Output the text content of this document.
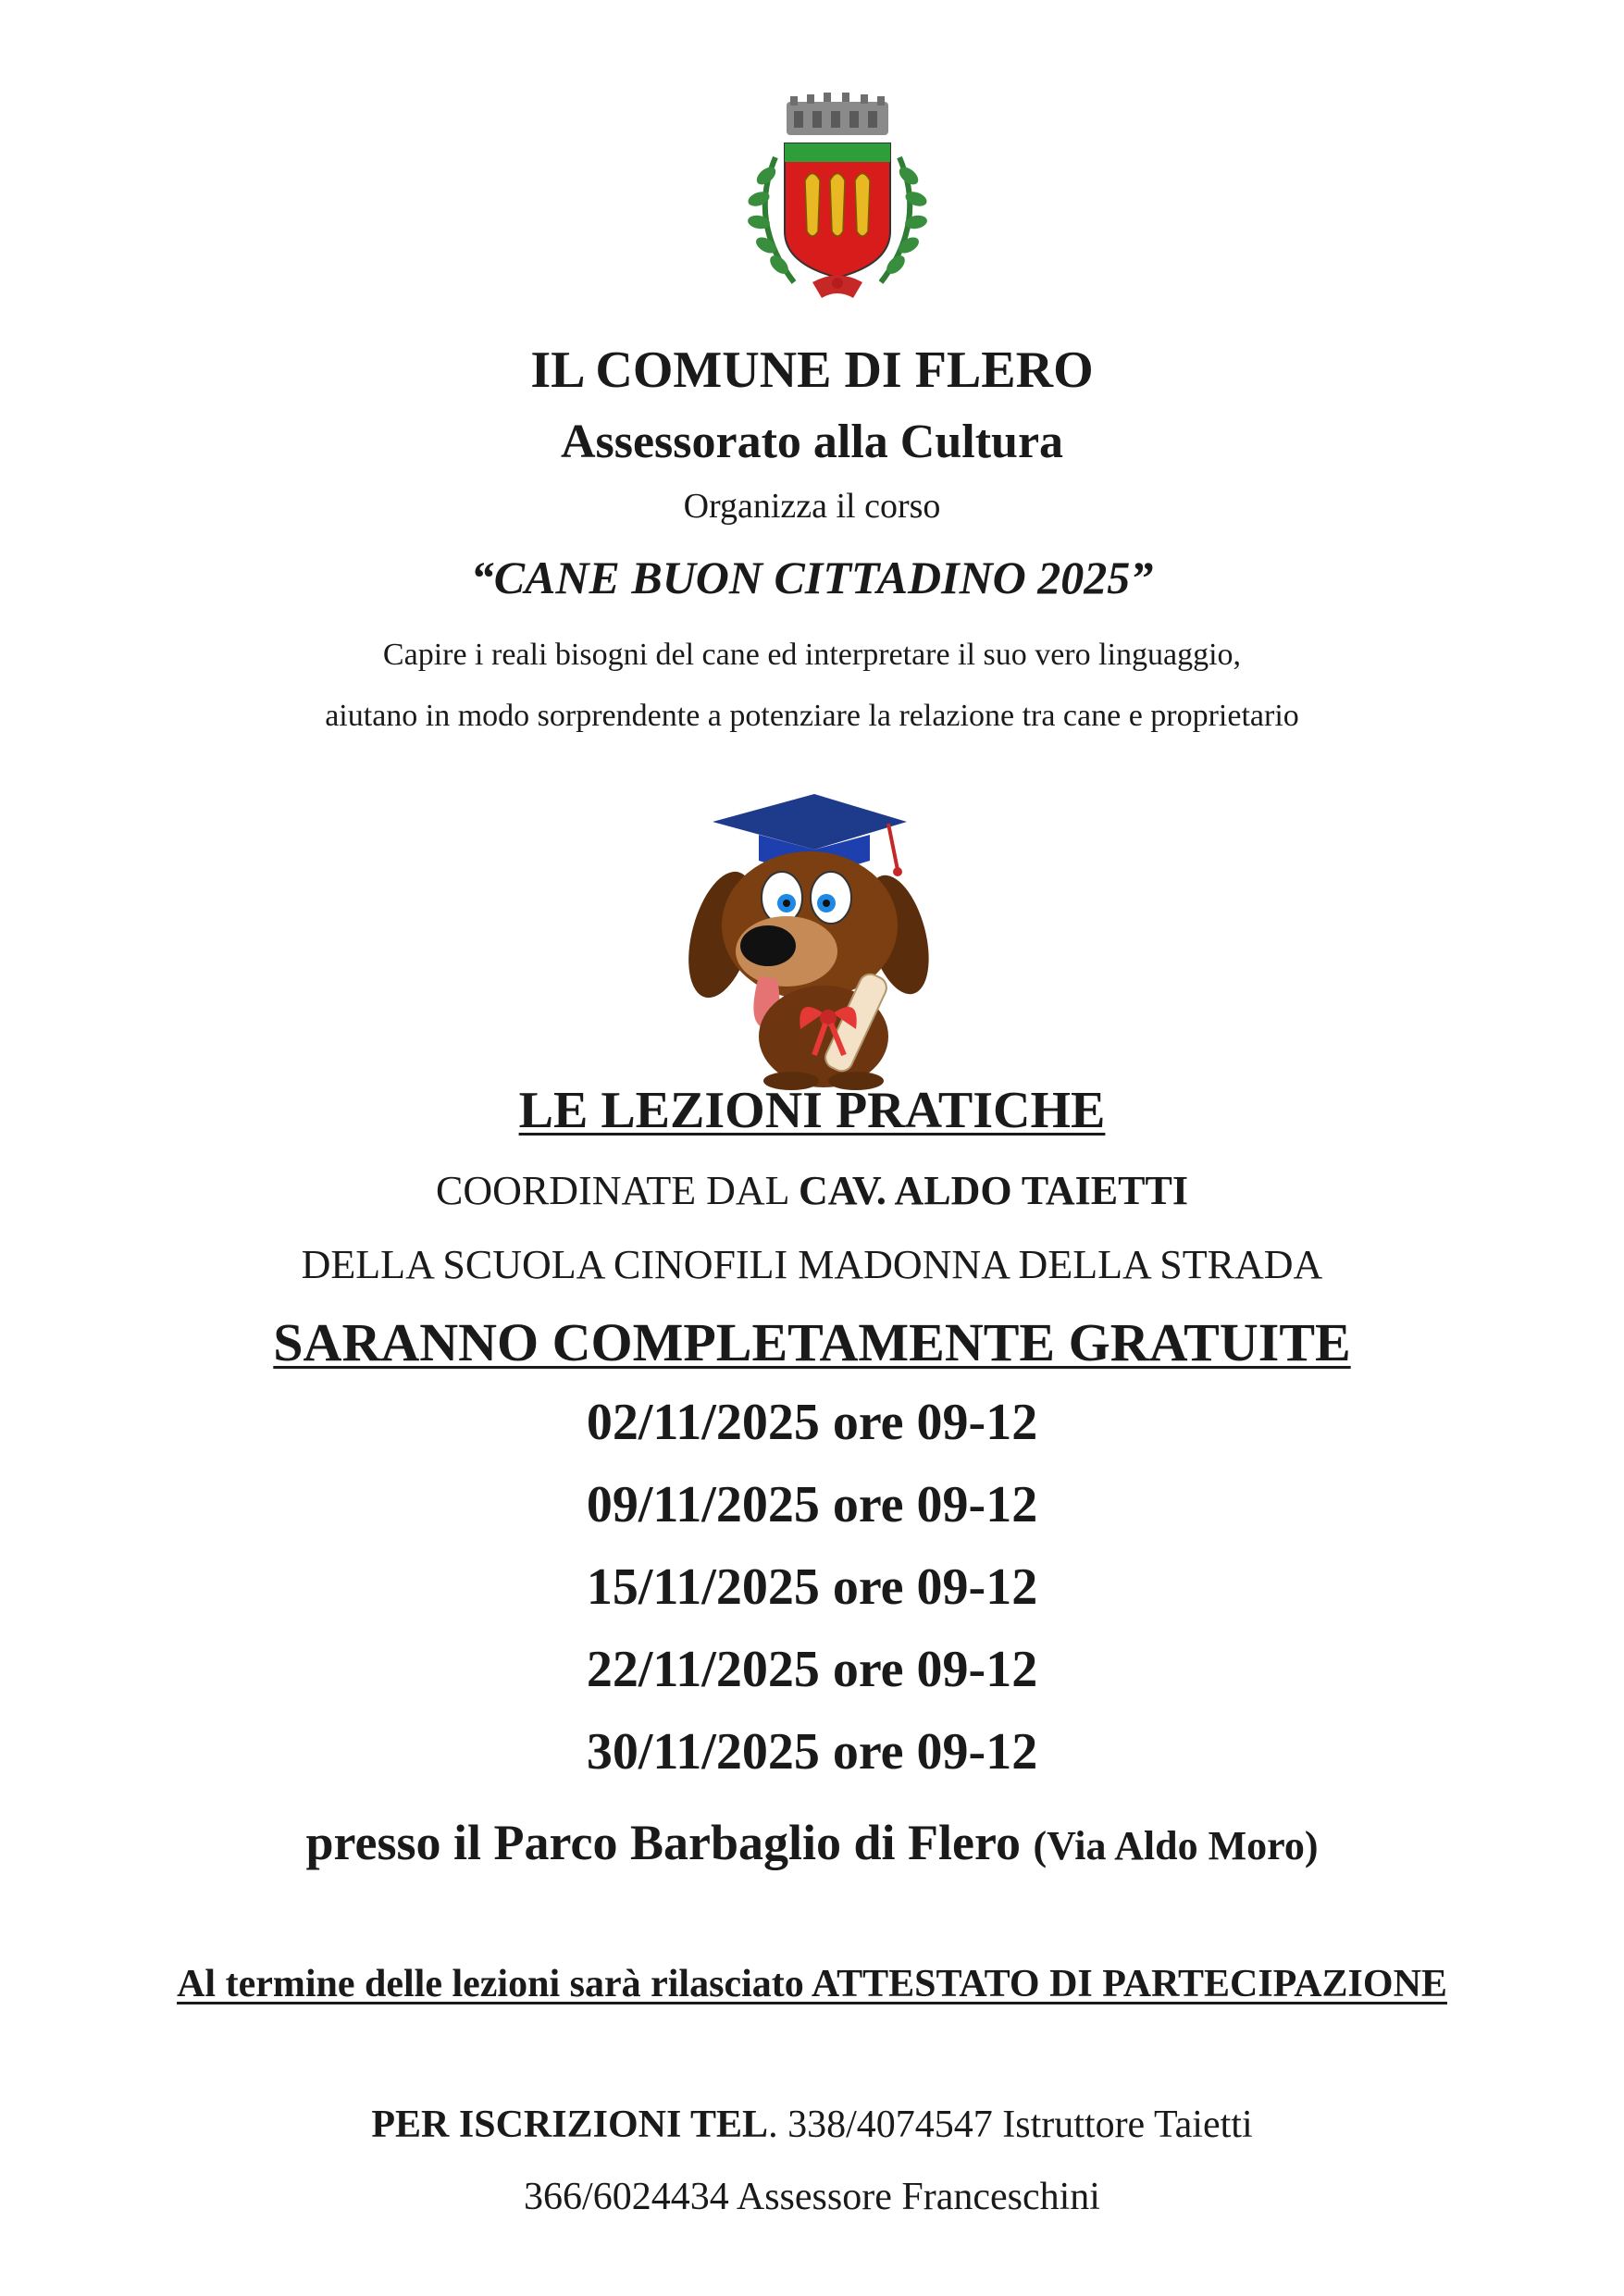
IL COMUNE DI FLERO
Assessorato alla Cultura
Organizza il corso
“CANE BUON CITTADINO 2025”
Capire i reali bisogni del cane ed interpretare il suo vero linguaggio,
aiutano in modo sorprendente a potenziare la relazione tra cane e proprietario
LE LEZIONI PRATICHE
COORDINATE DAL CAV. ALDO TAIETTI
DELLA SCUOLA CINOFILI MADONNA DELLA STRADA
SARANNO COMPLETAMENTE GRATUITE
02/11/2025 ore 09-12
09/11/2025 ore 09-12
15/11/2025 ore 09-12
22/11/2025 ore 09-12
30/11/2025 ore 09-12
presso il Parco Barbaglio di Flero (Via Aldo Moro)
Al termine delle lezioni sarà rilasciato ATTESTATO DI PARTECIPAZIONE
PER ISCRIZIONI TEL. 338/4074547 Istruttore Taietti
366/6024434 Assessore Franceschini
